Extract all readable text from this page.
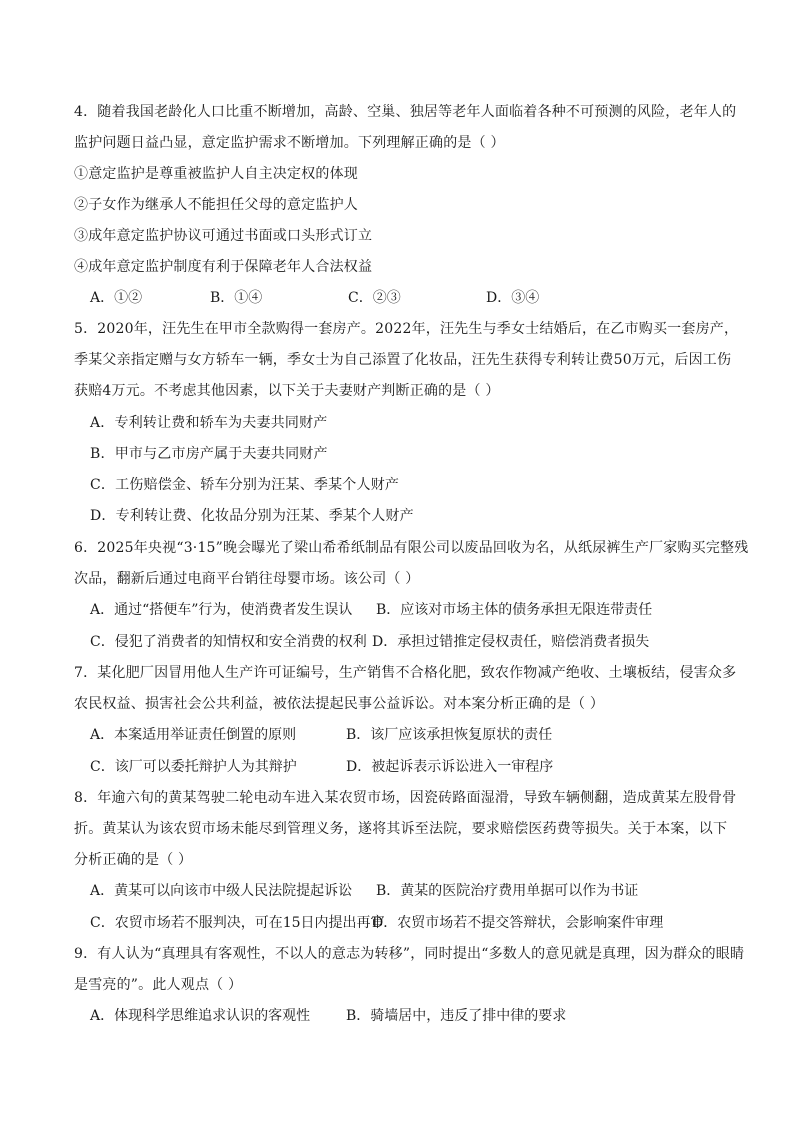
4．随着我国老龄化人口比重不断增加，高龄、空巢、独居等老年人面临着各种不可预测的风险，老年人的
监护问题日益凸显，意定监护需求不断增加。下列理解正确的是（ ）
①意定监护是尊重被监护人自主决定权的体现
②子女作为继承人不能担任父母的意定监护人
③成年意定监护协议可通过书面或口头形式订立
④成年意定监护制度有利于保障老年人合法权益
A．①②	B．①④	C．②③	D．③④
5．2020年，汪先生在甲市全款购得一套房产。2022年，汪先生与季女士结婚后，在乙市购买一套房产，
季某父亲指定赠与女方轿车一辆，季女士为自己添置了化妆品，汪先生获得专利转让费50万元，后因工伤
获赔4万元。不考虑其他因素，以下关于夫妻财产判断正确的是（ ）
A．专利转让费和轿车为夫妻共同财产
B．甲市与乙市房产属于夫妻共同财产
C．工伤赔偿金、轿车分别为汪某、季某个人财产
D．专利转让费、化妆品分别为汪某、季某个人财产
6．2025年央视“3·15”晚会曝光了梁山希希纸制品有限公司以废品回收为名，从纸尿裤生产厂家购买完整残
次品，翻新后通过电商平台销往母婴市场。该公司（ ）
A．通过“搭便车”行为，使消费者发生误认 B．应该对市场主体的债务承担无限连带责任
C．侵犯了消费者的知情权和安全消费的权利 D．承担过错推定侵权责任，赔偿消费者损失
7．某化肥厂因冒用他人生产许可证编号，生产销售不合格化肥，致农作物减产绝收、土壤板结，侵害众多
农民权益、损害社会公共利益，被依法提起民事公益诉讼。对本案分析正确的是（ ）
A．本案适用举证责任倒置的原则	B．该厂应该承担恢复原状的责任
C．该厂可以委托辩护人为其辩护	D．被起诉表示诉讼进入一审程序
8．年逾六旬的黄某驾驶二轮电动车进入某农贸市场，因瓷砖路面湿滑，导致车辆侧翻，造成黄某左股骨骨
折。黄某认为该农贸市场未能尽到管理义务，遂将其诉至法院，要求赔偿医药费等损失。关于本案，以下
分析正确的是（ ）
A．黄某可以向该市中级人民法院提起诉讼 B．黄某的医院治疗费用单据可以作为书证
C．农贸市场若不服判决，可在15日内提出再审
D．农贸市场若不提交答辩状，会影响案件审理
9．有人认为“真理具有客观性，不以人的意志为转移”，同时提出“多数人的意见就是真理，因为群众的眼睛
是雪亮的”。此人观点（ ）
A．体现科学思维追求认识的客观性	B．骑墙居中，违反了排中律的要求
